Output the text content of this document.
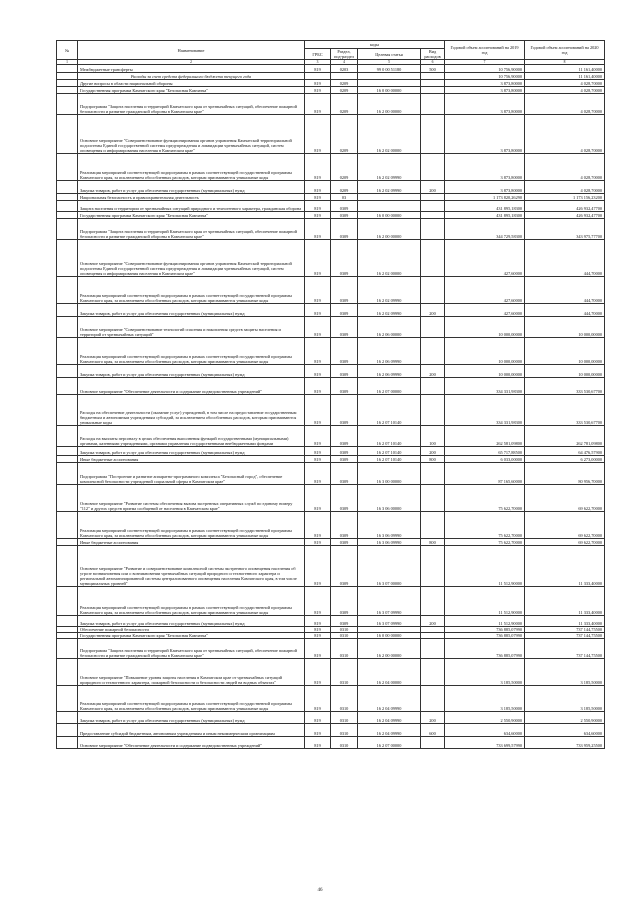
№	Наименование	коды				Годовой объем ассигнований на 2019 год	Годовой объем ассигнований на 2020 год
		ГРБС	Раздел, под-раздел	Целевая статья	Вид расходов		
1	2	3	4	5	6	7	8
	Межбюджетные трансферты	819	0203	99 0 00 51180	500	10 756,90000	11 161,40000
	Расходы за счет средств федерального бюджета текущего года					10 756,90000	11 161,40000
	Другие вопросы в области национальной обороны	819	0209			3 873,80000	4 028,70000
	Государственная программа Камчатского края "Безопасная Камчатка"	819	0209	16 0 00 00000		3 873,80000	4 028,70000
	Подпрограмма "Защита населения и территорий Камчатского края от чрезвычайных ситуаций, обеспечение пожарной безопасности и развитие гражданской обороны в Камчатском крае"	819	0209	16 2 00 00000		3 873,80000	4 028,70000
	Основное мероприятие "Совершенствование функционирования органов управления Камчатской территориальной подсистемы Единой государственной системы предупреждения и ликвидации чрезвычайных ситуаций, систем оповещения и информирования населения в Камчатском крае"	819	0209	16 2 02 00000		3 873,80000	4 028,70000
	Реализация мероприятий соответствующей подпрограммы в рамках соответствующей государственной программы Камчатского края, за исключением обособленных расходов, которым присваиваются уникальные коды	819	0209	16 2 02 09990		3 873,80000	4 028,70000
	Закупка товаров, работ и услуг для обеспечения государственных (муниципальных) нужд	819	0209	16 2 02 09990	200	3 873,80000	4 028,70000
	Национальная безопасность и правоохранительная деятельность	819	03			1 173 820,26290	1 173 156,23200
	Защита населения и территории от чрезвычайных ситуаций природного и техногенного характера, гражданская оборона	819	0309			431 895,18300	426 932,47700
	Государственная программа Камчатского края "Безопасная Камчатка"	819	0309	16 0 00 00000		431 895,18300	426 932,47700
	Подпрограмма "Защита населения и территорий Камчатского края от чрезвычайных ситуаций, обеспечение пожарной безопасности и развитие гражданской обороны в Камчатском крае"	819	0309	16 2 00 00000		344 729,58300	343 975,77700
	Основное мероприятие "Совершенствование функционирования органов управления Камчатской территориальной подсистемы Единой государственной системы предупреждения и ликвидации чрезвычайных ситуаций, систем оповещения и информирования населения в Камчатском крае"	819	0309	16 2 02 00000		427,60000	444,70000
	Реализация мероприятий соответствующей подпрограммы в рамках соответствующей государственной программы Камчатского края, за исключением обособленных расходов, которым присваиваются уникальные коды	819	0309	16 2 02 09990		427,60000	444,70000
	Закупка товаров, работ и услуг для обеспечения государственных (муниципальных) нужд	819	0309	16 2 02 09990	200	427,60000	444,70000
	Основное мероприятие "Совершенствование технологий спасения и накопления средств защиты населения и территорий от чрезвычайных ситуаций"	819	0309	16 2 06 00000		10 000,00000	10 000,00000
	Реализация мероприятий соответствующей подпрограммы в рамках соответствующей государственной программы Камчатского края, за исключением обособленных расходов, которым присваиваются уникальные коды	819	0309	16 2 06 09990		10 000,00000	10 000,00000
	Закупка товаров, работ и услуг для обеспечения государственных (муниципальных) нужд	819	0309	16 2 06 09990	200	10 000,00000	10 000,00000
	Основное мероприятие "Обеспечение деятельности и содержание подведомственных учреждений"	819	0309	16 2 07 00000		334 331,98300	333 530,67700
	Расходы на обеспечение деятельности (оказание услуг) учреждений, в том числе на предоставление государственным бюджетным и автономным учреждениям субсидий, за исключением обособленных расходов, которым присваиваются уникальные коды	819	0309	16 2 07 10140		334 331,98300	333 530,67700
	Расходы на выплаты персоналу в целях обеспечения выполнения функций государственными (муниципальными) органами, казенными учреждениями, органами управления государственными внебюджетными фондами	819	0309	16 2 07 10140	100	262 581,09800	262 781,09800
	Закупка товаров, работ и услуг для обеспечения государственных (муниципальных) нужд	819	0309	16 2 07 10140	200	65 717,88500	64 476,57900
	Иные бюджетные ассигнования	819	0309	16 2 07 10140	800	6 033,00000	6 273,00000
	Подпрограмма "Построение и развитие аппаратно-программного комплекса "Безопасный город", обеспечение комплексной безопасности учреждений социальной сферы в Камчатском крае"	819	0309	16 3 00 00000		87 165,60000	80 956,70000
	Основное мероприятие "Развитие системы обеспечения вызова экстренных оперативных служб по единому номеру "112" и других средств приема сообщений от населения в Камчатском крае"	819	0309	16 3 06 00000		75 622,70000	69 622,70000
	Реализация мероприятий соответствующей подпрограммы в рамках соответствующей государственной программы Камчатского края, за исключением обособленных расходов, которым присваиваются уникальные коды	819	0309	16 3 06 09990		75 622,70000	69 622,70000
	Иные бюджетные ассигнования	819	0309	16 3 06 09990	800	75 622,70000	69 622,70000
	Основное мероприятие "Развитие и совершенствование комплексной системы экстренного оповещения населения об угрозе возникновения или о возникновении чрезвычайных ситуаций природного и техногенного характера и региональной автоматизированной системы централизованного оповещения населения Камчатского края, в том числе муниципальных уровней"	819	0309	16 3 07 00000		11 512,90000	11 333,40000
	Реализация мероприятий соответствующей подпрограммы в рамках соответствующей государственной программы Камчатского края, за исключением обособленных расходов, которым присваиваются уникальные коды	819	0309	16 3 07 09990		11 512,90000	11 333,40000
	Закупка товаров, работ и услуг для обеспечения государственных (муниципальных) нужд	819	0309	16 3 07 09990	200	11 512,90000	11 333,40000
	Обеспечение пожарной безопасности	819	0310			736 885,07990	737 144,75500
	Государственная программа Камчатского края "Безопасная Камчатка"	819	0310	16 0 00 00000		736 885,07990	737 144,75500
	Подпрограмма "Защита населения и территорий Камчатского края от чрезвычайных ситуаций, обеспечение пожарной безопасности и развитие гражданской обороны в Камчатском крае"	819	0310	16 2 00 00000		736 885,07990	737 144,75500
	Основное мероприятие "Повышение уровня защиты населения в Камчатском крае от чрезвычайных ситуаций природного и техногенного характера, пожарной безопасности и безопасности людей на водных объектах"	819	0310	16 2 04 00000		3 185,50000	3 185,50000
	Реализация мероприятий соответствующей подпрограммы в рамках соответствующей государственной программы Камчатского края, за исключением обособленных расходов, которым присваиваются уникальные коды	819	0310	16 2 04 09990		3 185,50000	3 185,50000
	Закупка товаров, работ и услуг для обеспечения государственных (муниципальных) нужд	819	0310	16 2 04 09990	200	2 550,90000	2 550,90000
	Предоставление субсидий бюджетным, автономным учреждениям и иным некоммерческим организациям	819	0310	16 2 04 09990	600	634,60000	634,60000
	Основное мероприятие "Обеспечение деятельности и содержание подведомственных учреждений"	819	0310	16 2 07 00000		733 699,57990	733 959,25500
46
